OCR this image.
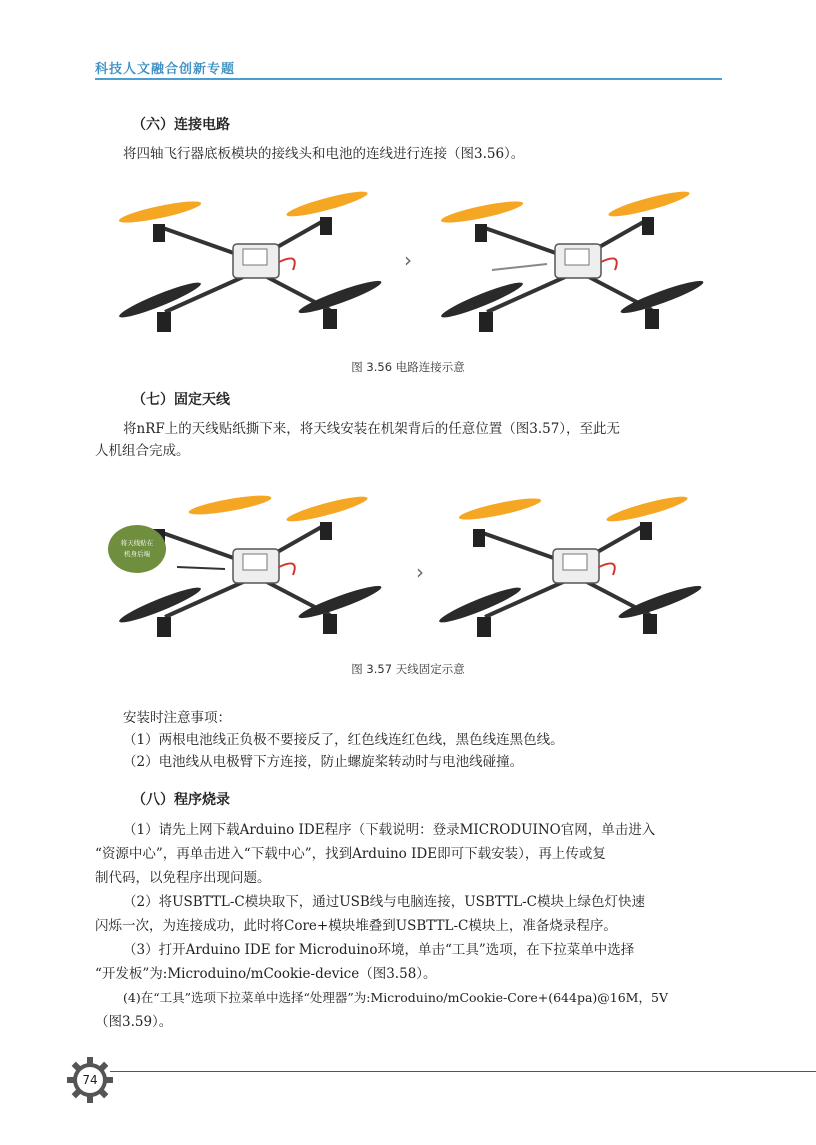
科技人文融合创新专题
（六）连接电路
将四轴飞行器底板模块的接线头和电池的连线进行连接（图3.56）。
›
图 3.56 电路连接示意
（七）固定天线
将nRF上的天线贴纸撕下来，将天线安装在机架背后的任意位置（图3.57），至此无
人机组合完成。
将天线贴在
机身后端
›
图 3.57 天线固定示意
安装时注意事项：
（1）两根电池线正负极不要接反了，红色线连红色线，黑色线连黑色线。
（2）电池线从电极臂下方连接，防止螺旋桨转动时与电池线碰撞。
（八）程序烧录
（1）请先上网下载Arduino IDE程序（下载说明：登录MICRODUINO官网，单击进入
“资源中心”，再单击进入“下载中心”，找到Arduino IDE即可下载安装），再上传或复
制代码，以免程序出现问题。
（2）将USBTTL-C模块取下，通过USB线与电脑连接，USBTTL-C模块上绿色灯快速
闪烁一次，为连接成功，此时将Core+模块堆叠到USBTTL-C模块上，准备烧录程序。
（3）打开Arduino IDE for Microduino环境，单击“工具”选项，在下拉菜单中选择
“开发板”为:Microduino/mCookie-device（图3.58）。
(4)在“工具”选项下拉菜单中选择“处理器”为:Microduino/mCookie-Core+(644pa)@16M，5V
（图3.59）。
74
